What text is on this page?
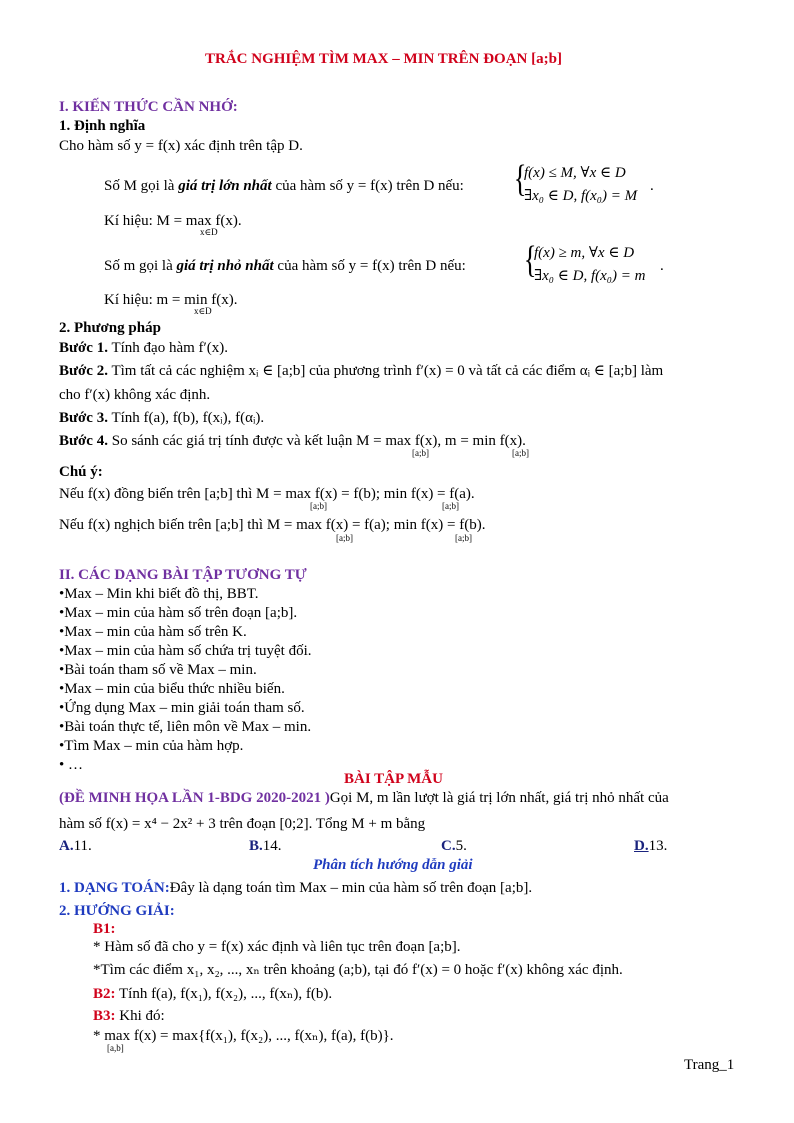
TRẮC NGHIỆM TÌM MAX – MIN TRÊN ĐOẠN [a;b]
I. KIẾN THỨC CẦN NHỚ:
1. Định nghĩa
Cho hàm số y = f(x) xác định trên tập D.
Số M gọi là giá trị lớn nhất của hàm số y = f(x) trên D nếu: {
f(x) ≤ M, ∀x ∈ D
∃x₀ ∈ D, f(x₀) = M
.
Kí hiệu: M = max f(x).
x∈D
Số m gọi là giá trị nhỏ nhất của hàm số y = f(x) trên D nếu: {
f(x) ≥ m, ∀x ∈ D
∃x₀ ∈ D, f(x₀) = m
.
Kí hiệu: m = min f(x).
x∈D
2. Phương pháp
Bước 1. Tính đạo hàm f′(x).
Bước 2. Tìm tất cả các nghiệm xᵢ ∈ [a;b] của phương trình f′(x) = 0 và tất cả các điểm αᵢ ∈ [a;b] làm
cho f′(x) không xác định.
Bước 3. Tính f(a), f(b), f(xᵢ), f(αᵢ).
Bước 4. So sánh các giá trị tính được và kết luận M = max f(x), m = min f(x).
[a;b]	[a;b]
Chú ý:
Nếu f(x) đồng biến trên [a;b] thì M = max f(x) = f(b); min f(x) = f(a).
[a;b]	[a;b]
Nếu f(x) nghịch biến trên [a;b] thì M = max f(x) = f(a); min f(x) = f(b).
[a;b]	[a;b]
II. CÁC DẠNG BÀI TẬP TƯƠNG TỰ
•Max – Min khi biết đồ thị, BBT.
•Max – min của hàm số trên đoạn [a;b].
•Max – min của hàm số trên K.
•Max – min của hàm số chứa trị tuyệt đối.
•Bài toán tham số về Max – min.
•Max – min của biểu thức nhiều biến.
•Ứng dụng Max – min giải toán tham số.
•Bài toán thực tế, liên môn về Max – min.
•Tìm Max – min của hàm hợp.
• …
BÀI TẬP MẪU
(ĐỀ MINH HỌA LẦN 1-BDG 2020-2021 )Gọi M, m lần lượt là giá trị lớn nhất, giá trị nhỏ nhất của
hàm số f(x) = x⁴ − 2x² + 3 trên đoạn [0;2]. Tổng M + m bằng
A.11.	B.14.	C.5.	D.13.
Phân tích hướng dẫn giải
1. DẠNG TOÁN:Đây là dạng toán tìm Max – min của hàm số trên đoạn [a;b].
2. HƯỚNG GIẢI:
B1:
* Hàm số đã cho y = f(x) xác định và liên tục trên đoạn [a;b].
*Tìm các điểm x₁, x₂, ..., xₙ trên khoảng (a;b), tại đó f′(x) = 0 hoặc f′(x) không xác định.
B2: Tính f(a), f(x₁), f(x₂), ..., f(xₙ), f(b).
B3: Khi đó:
* max f(x) = max{f(x₁), f(x₂), ..., f(xₙ), f(a), f(b)}.
[a,b]
Trang_1
